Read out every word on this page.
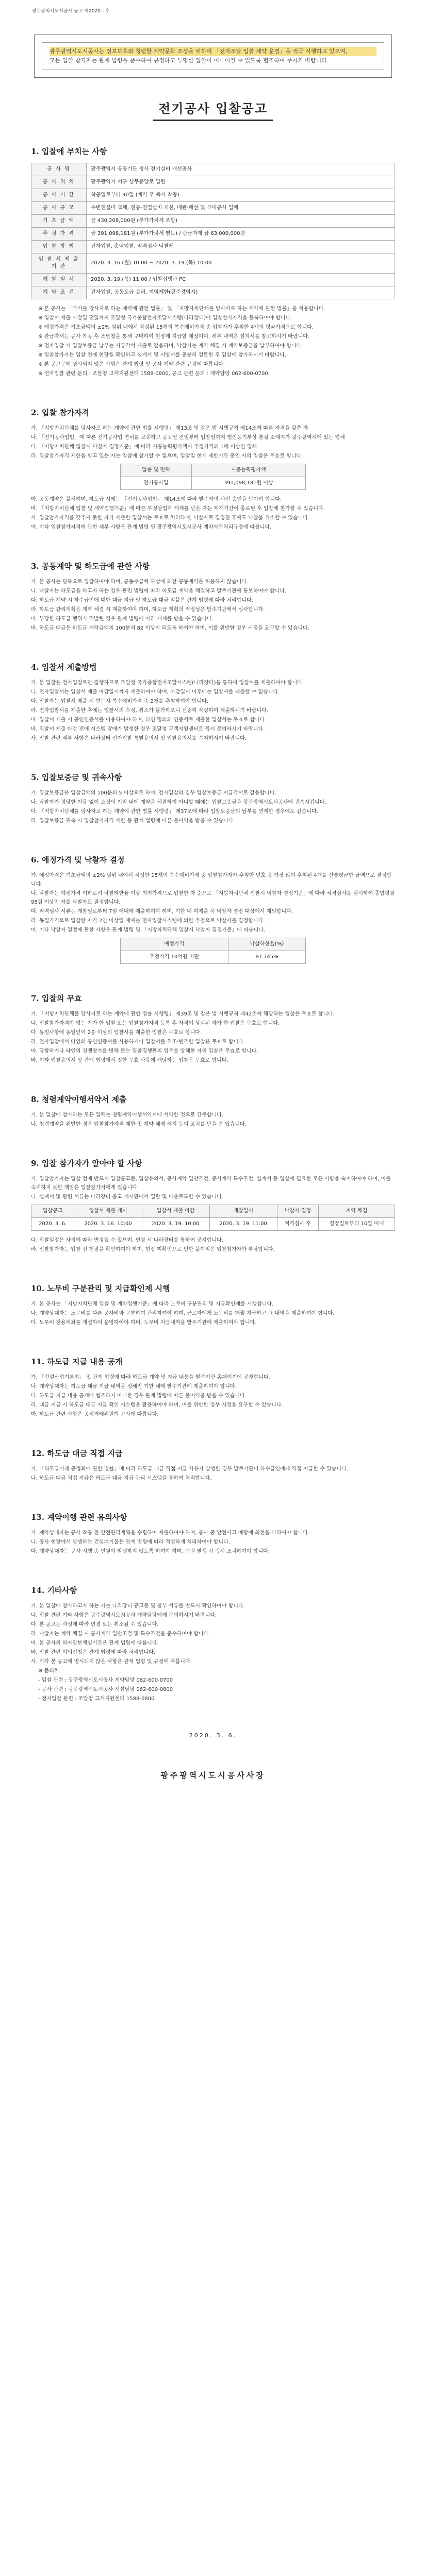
광주광역시도시공사 공고 제2020 - 호
광주광역시도시공사는 정보보호와 청렴한 계약문화 조성을 위하여 「전자조달 입찰·계약 운영」을 적극 시행하고 있으며,
모든 입찰 참가자는 관계 법령을 준수하여 공정하고 투명한 입찰이 이루어질 수 있도록 협조하여 주시기 바랍니다.
전기공사 입찰공고
1. 입찰에 부치는 사항
공 사 명	광주광역시 공공기관 청사 전기설비 개선공사
공 사 위 치	광주광역시 서구 상무중앙로 일원
공 사 기 간	착공일로부터 90일 (계약 후 즉시 착공)
공 사 규 모	수변전설비 교체, 전등·전열설비 개선, 배관·배선 및 부대공사 일체
기 초 금 액	금 430,208,000원 (부가가치세 포함)
추 정 가 격	금 391,098,181원 (부가가치세 별도) / 관급자재 금 63,000,000원
입 찰 방 법	전자입찰, 총액입찰, 적격심사 낙찰제
입 찰 서 제 출 기 간	2020. 3. 16.(월) 10:00 ~ 2020. 3. 19.(목) 10:00
개 찰 일 시	2020. 3. 19.(목) 11:00 / 입찰집행관 PC
계 약 조 건	전자입찰, 공동도급 불허, 지역제한(광주광역시)
※ 본 공사는 「국가를 당사자로 하는 계약에 관한 법률」 및 「지방자치단체를 당사자로 하는 계약에 관한 법률」을 적용합니다.
※ 입찰서 제출 마감일 전일까지 조달청 국가종합전자조달시스템(나라장터)에 입찰참가자격을 등록하여야 합니다.
※ 예정가격은 기초금액의 ±2% 범위 내에서 작성된 15개의 복수예비가격 중 입찰자가 추첨한 4개의 평균가격으로 합니다.
※ 관급자재는 공사 착공 후 조달청을 통해 구매하여 현장에 지급할 예정이며, 세부 내역은 설계서를 참고하시기 바랍니다.
※ 전자입찰 시 입찰보증금 납부는 지급각서 제출로 갈음하며, 낙찰자는 계약 체결 시 계약보증금을 납부하여야 합니다.
※ 입찰참가자는 입찰 전에 현장을 확인하고 설계서 및 시방서를 충분히 검토한 후 입찰에 참가하시기 바랍니다.
※ 본 공고문에 명시되지 않은 사항은 관계 법령 및 공사 계약 관련 규정에 따릅니다.
※ 전자입찰 관련 문의 : 조달청 고객지원센터 1588-0800, 공고 관련 문의 : 계약담당 062-600-0700
2. 입찰 참가자격
가. 「지방자치단체를 당사자로 하는 계약에 관한 법률 시행령」 제13조 및 같은 법 시행규칙 제14조에 따른 자격을 갖춘 자
나. 「전기공사업법」에 따른 전기공사업 면허를 보유하고 공고일 전일부터 입찰일까지 법인등기부상 본점 소재지가 광주광역시에 있는 업체
다. 「지방자치단체 입찰시 낙찰자 결정기준」에 따라 시공능력평가액이 추정가격의 1배 이상인 업체
라. 입찰참가자격 제한을 받고 있는 자는 입찰에 참가할 수 없으며, 입찰일 현재 제한기간 중인 자의 입찰은 무효로 합니다.
업종 및 면허	시공능력평가액
전기공사업	391,098,181원 이상
마. 공동계약은 불허하며, 하도급 시에는 「전기공사업법」 제14조에 따라 발주자의 사전 승인을 받아야 합니다.
바. 「지방자치단체 입찰 및 계약집행기준」에 따른 부정당업자 제재를 받은 자는 제재기간이 종료된 후 입찰에 참가할 수 있습니다.
사. 입찰참가자격을 갖추지 못한 자가 제출한 입찰서는 무효로 처리하며, 낙찰자로 결정된 후에도 낙찰을 취소할 수 있습니다.
아. 기타 입찰참가자격에 관한 세부 사항은 관계 법령 및 광주광역시도시공사 계약사무처리규정에 따릅니다.
3. 공동계약 및 하도급에 관한 사항
가. 본 공사는 단독으로 입찰하여야 하며, 공동수급체 구성에 의한 공동계약은 허용하지 않습니다.
나. 낙찰자는 하도급을 하고자 하는 경우 관련 법령에 따라 하도급 계약을 체결하고 발주기관에 통보하여야 합니다.
다. 하도급 계약 시 하수급인에 대한 대금 지급 및 하도급 대금 직불은 관계 법령에 따라 처리합니다.
라. 하도급 관리계획은 계약 체결 시 제출하여야 하며, 하도급 계획의 적정성은 발주기관에서 심사합니다.
마. 부당한 하도급 행위가 적발될 경우 관계 법령에 따라 제재를 받을 수 있습니다.
바. 하도급 대금은 하도급 계약금액의 100분의 82 이상이 되도록 하여야 하며, 이를 위반한 경우 시정을 요구할 수 있습니다.
4. 입찰서 제출방법
가. 본 입찰은 전자입찰로만 집행하므로 조달청 국가종합전자조달시스템(나라장터)을 통하여 입찰서를 제출하여야 합니다.
나. 전자입찰서는 입찰서 제출 마감일시까지 제출하여야 하며, 마감일시 이후에는 입찰서를 제출할 수 없습니다.
다. 입찰자는 입찰서 제출 시 반드시 복수예비가격 중 2개를 추첨하여야 합니다.
라. 전자입찰서를 제출한 후에는 입찰서의 수정, 취소가 불가하오니 신중히 작성하여 제출하시기 바랍니다.
마. 입찰서 제출 시 공인인증서를 이용하여야 하며, 타인 명의의 인증서로 제출한 입찰서는 무효로 합니다.
바. 입찰서 제출 마감 전에 시스템 장애가 발생한 경우 조달청 고객지원센터로 즉시 문의하시기 바랍니다.
사. 입찰 관련 세부 사항은 나라장터 전자입찰 특별유의서 및 입찰유의서를 숙지하시기 바랍니다.
5. 입찰보증금 및 귀속사항
가. 입찰보증금은 입찰금액의 100분의 5 이상으로 하며, 전자입찰의 경우 입찰보증금 지급각서로 갈음합니다.
나. 낙찰자가 정당한 이유 없이 소정의 기일 내에 계약을 체결하지 아니할 때에는 입찰보증금을 광주광역시도시공사에 귀속시킵니다.
다. 「지방자치단체를 당사자로 하는 계약에 관한 법률 시행령」 제37조에 따라 입찰보증금의 납부를 면제한 경우에도 같습니다.
라. 입찰보증금 귀속 시 입찰참가자격 제한 등 관계 법령에 따른 불이익을 받을 수 있습니다.
6. 예정가격 및 낙찰자 결정
가. 예정가격은 기초금액의 ±2% 범위 내에서 작성한 15개의 복수예비가격 중 입찰참가자가 추첨한 번호 중 가장 많이 추첨된 4개를 산술평균한 금액으로 결정합니다.
나. 낙찰자는 예정가격 이하로서 낙찰하한율 이상 최저가격으로 입찰한 자 순으로 「지방자치단체 입찰시 낙찰자 결정기준」에 따라 적격심사를 실시하여 종합평점 95점 이상인 자를 낙찰자로 결정합니다.
다. 적격심사 서류는 개찰일로부터 7일 이내에 제출하여야 하며, 기한 내 미제출 시 낙찰자 결정 대상에서 제외합니다.
라. 동일가격으로 입찰한 자가 2인 이상일 때에는 전자입찰시스템에 의한 추첨으로 낙찰자를 결정합니다.
마. 기타 낙찰자 결정에 관한 사항은 관계 법령 및 「지방자치단체 입찰시 낙찰자 결정기준」에 따릅니다.
예정가격	낙찰하한율(%)
추정가격 10억원 미만	87.745%
7. 입찰의 무효
가. 「지방자치단체를 당사자로 하는 계약에 관한 법률 시행령」 제39조 및 같은 법 시행규칙 제42조에 해당하는 입찰은 무효로 합니다.
나. 입찰참가자격이 없는 자가 한 입찰 또는 입찰참가자격 등록 후 자격이 상실된 자가 한 입찰은 무효로 합니다.
다. 동일사항에 동일인이 2통 이상의 입찰서를 제출한 입찰은 무효로 합니다.
라. 전자입찰에서 타인의 공인인증서를 사용하거나 입찰서를 위조·변조한 입찰은 무효로 합니다.
마. 담합하거나 타인의 경쟁참가를 방해 또는 입찰집행관의 업무를 방해한 자의 입찰은 무효로 합니다.
바. 기타 입찰유의서 및 관계 법령에서 정한 무효 사유에 해당하는 입찰은 무효로 합니다.
8. 청렴계약이행서약서 제출
가. 본 입찰에 참가하는 모든 업체는 청렴계약이행서약서에 서약한 것으로 간주합니다.
나. 청렴계약을 위반한 경우 입찰참가자격 제한 및 계약 해제·해지 등의 조치를 받을 수 있습니다.
9. 입찰 참가자가 알아야 할 사항
가. 입찰참가자는 입찰 전에 반드시 입찰공고문, 입찰유의서, 공사계약 일반조건, 공사계약 특수조건, 설계서 등 입찰에 필요한 모든 사항을 숙지하여야 하며, 이를 숙지하지 못한 책임은 입찰참가자에게 있습니다.
나. 설계서 및 관련 서류는 나라장터 공고 게시판에서 열람 및 다운로드할 수 있습니다.
입찰공고	입찰서 제출 개시	입찰서 제출 마감	개찰일시	낙찰자 결정	계약 체결
2020. 3. 6.	2020. 3. 16. 10:00	2020. 3. 19. 10:00	2020. 3. 19. 11:00	적격심사 후	결정일로부터 10일 이내
다. 입찰일정은 사정에 따라 변경될 수 있으며, 변경 시 나라장터를 통하여 공지합니다.
라. 입찰참가자는 입찰 전 현장을 확인하여야 하며, 현장 미확인으로 인한 불이익은 입찰참가자가 부담합니다.
10. 노무비 구분관리 및 지급확인제 시행
가. 본 공사는 「지방자치단체 입찰 및 계약집행기준」에 따라 노무비 구분관리 및 지급확인제를 시행합니다.
나. 계약상대자는 노무비를 다른 공사비와 구분하여 관리하여야 하며, 근로자에게 노무비를 매월 지급하고 그 내역을 제출하여야 합니다.
다. 노무비 전용계좌를 개설하여 운영하여야 하며, 노무비 지급내역을 발주기관에 제출하여야 합니다.
11. 하도급 지급 내용 공개
가. 「건설산업기본법」 및 관계 법령에 따라 하도급 계약 및 지급 내용을 발주기관 홈페이지에 공개합니다.
나. 계약상대자는 하도급 대금 지급 내역을 정해진 기한 내에 발주기관에 제출하여야 합니다.
다. 하도급 지급 내용 공개에 협조하지 아니한 경우 관계 법령에 따른 불이익을 받을 수 있습니다.
라. 대금 지급 시 하도급 대금 지급 확인 시스템을 활용하여야 하며, 이를 위반한 경우 시정을 요구할 수 있습니다.
마. 하도급 관련 사항은 공정거래위원회 고시에 따릅니다.
12. 하도급 대금 직접 지급
가. 「하도급거래 공정화에 관한 법률」에 따라 하도급 대금 직접 지급 사유가 발생한 경우 발주기관이 하수급인에게 직접 지급할 수 있습니다.
나. 하도급 대금 직접 지급은 하도급 대금 지급 관리 시스템을 통하여 처리합니다.
13. 계약이행 관련 유의사항
가. 계약상대자는 공사 착공 전 안전관리계획을 수립하여 제출하여야 하며, 공사 중 안전사고 예방에 최선을 다하여야 합니다.
나. 공사 현장에서 발생하는 건설폐기물은 관계 법령에 따라 적법하게 처리하여야 합니다.
다. 계약상대자는 공사 시행 중 민원이 발생하지 않도록 하여야 하며, 민원 발생 시 즉시 조치하여야 합니다.
14. 기타사항
가. 본 입찰에 참가하고자 하는 자는 나라장터 공고문 및 첨부 서류를 반드시 확인하여야 합니다.
나. 입찰 관련 기타 사항은 광주광역시도시공사 계약담당에게 문의하시기 바랍니다.
다. 본 공고는 사정에 따라 변경 또는 취소될 수 있습니다.
라. 낙찰자는 계약 체결 시 공사계약 일반조건 및 특수조건을 준수하여야 합니다.
마. 본 공사의 하자담보책임기간은 관계 법령에 따릅니다.
바. 입찰 관련 이의신청은 관계 법령에 따라 처리합니다.
사. 기타 본 공고에 명시되지 않은 사항은 관계 법령 및 규정에 따릅니다.
※ 문의처
- 입찰 관련 : 광주광역시도시공사 계약담당 062-600-0700
- 공사 관련 : 광주광역시도시공사 시설담당 062-600-0800
- 전자입찰 관련 : 조달청 고객지원센터 1588-0800
2020. 3. 6.
광주광역시도시공사사장
